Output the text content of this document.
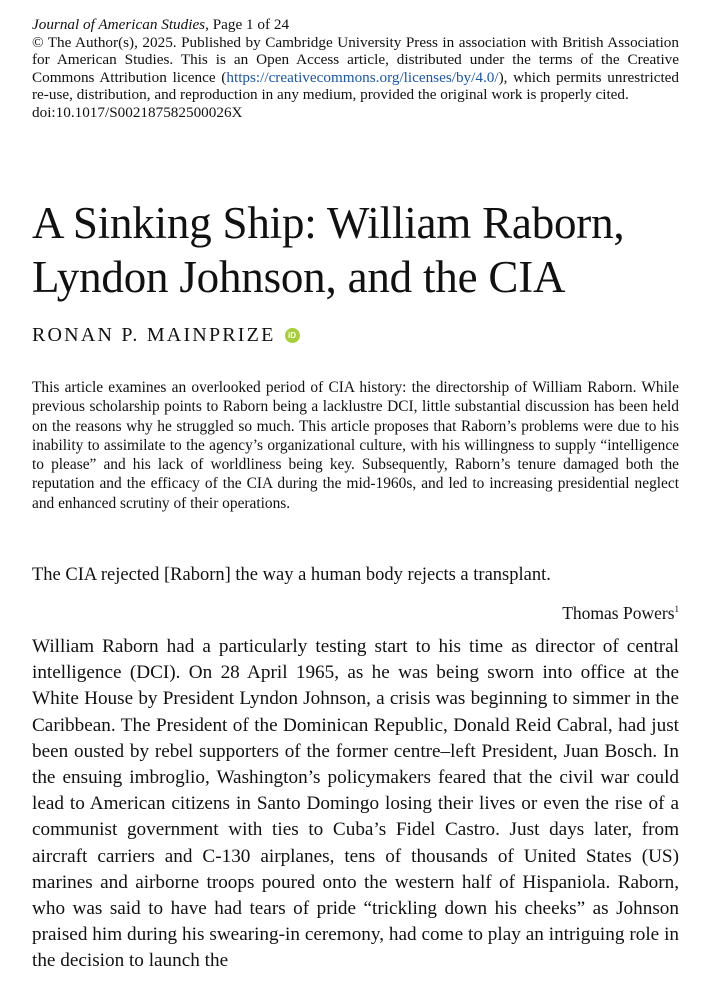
Journal of American Studies, Page 1 of 24
© The Author(s), 2025. Published by Cambridge University Press in association with British Association for American Studies. This is an Open Access article, distributed under the terms of the Creative Commons Attribution licence (https://creativecommons.org/licenses/by/4.0/), which permits unrestricted re-use, distribution, and reproduction in any medium, provided the original work is properly cited.
doi:10.1017/S002187582500026X
A Sinking Ship: William Raborn, Lyndon Johnson, and the CIA
RONAN P. MAINPRIZE	iD

This article examines an overlooked period of CIA history: the directorship of William Raborn. While previous scholarship points to Raborn being a lacklustre DCI, little substantial discussion has been held on the reasons why he struggled so much. This article proposes that Raborn’s problems were due to his inability to assimilate to the agency’s organizational culture, with his willingness to supply “intelligence to please” and his lack of worldliness being key. Subsequently, Raborn’s tenure damaged both the reputation and the efficacy of the CIA during the mid-1960s, and led to increasing presidential neglect and enhanced scrutiny of their operations.

The CIA rejected [Raborn] the way a human body rejects a transplant.

Thomas Powers$^1$

William Raborn had a particularly testing start to his time as director of central intelligence (DCI). On 28 April 1965, as he was being sworn into office at the White House by President Lyndon Johnson, a crisis was beginning to simmer in the Caribbean. The President of the Dominican Republic, Donald Reid Cabral, had just been ousted by rebel supporters of the former centre–left President, Juan Bosch. In the ensuing imbroglio, Washington’s policymakers feared that the civil war could lead to American citizens in Santo Domingo losing their lives or even the rise of a communist government with ties to Cuba’s Fidel Castro. Just days later, from aircraft carriers and C-130 airplanes, tens of thousands of United States (US) marines and airborne troops poured onto the western half of Hispaniola. Raborn, who was said to have had tears of pride “trickling down his cheeks” as Johnson praised him during his swearing-in ceremony, had come to play an intriguing role in the decision to launch the
